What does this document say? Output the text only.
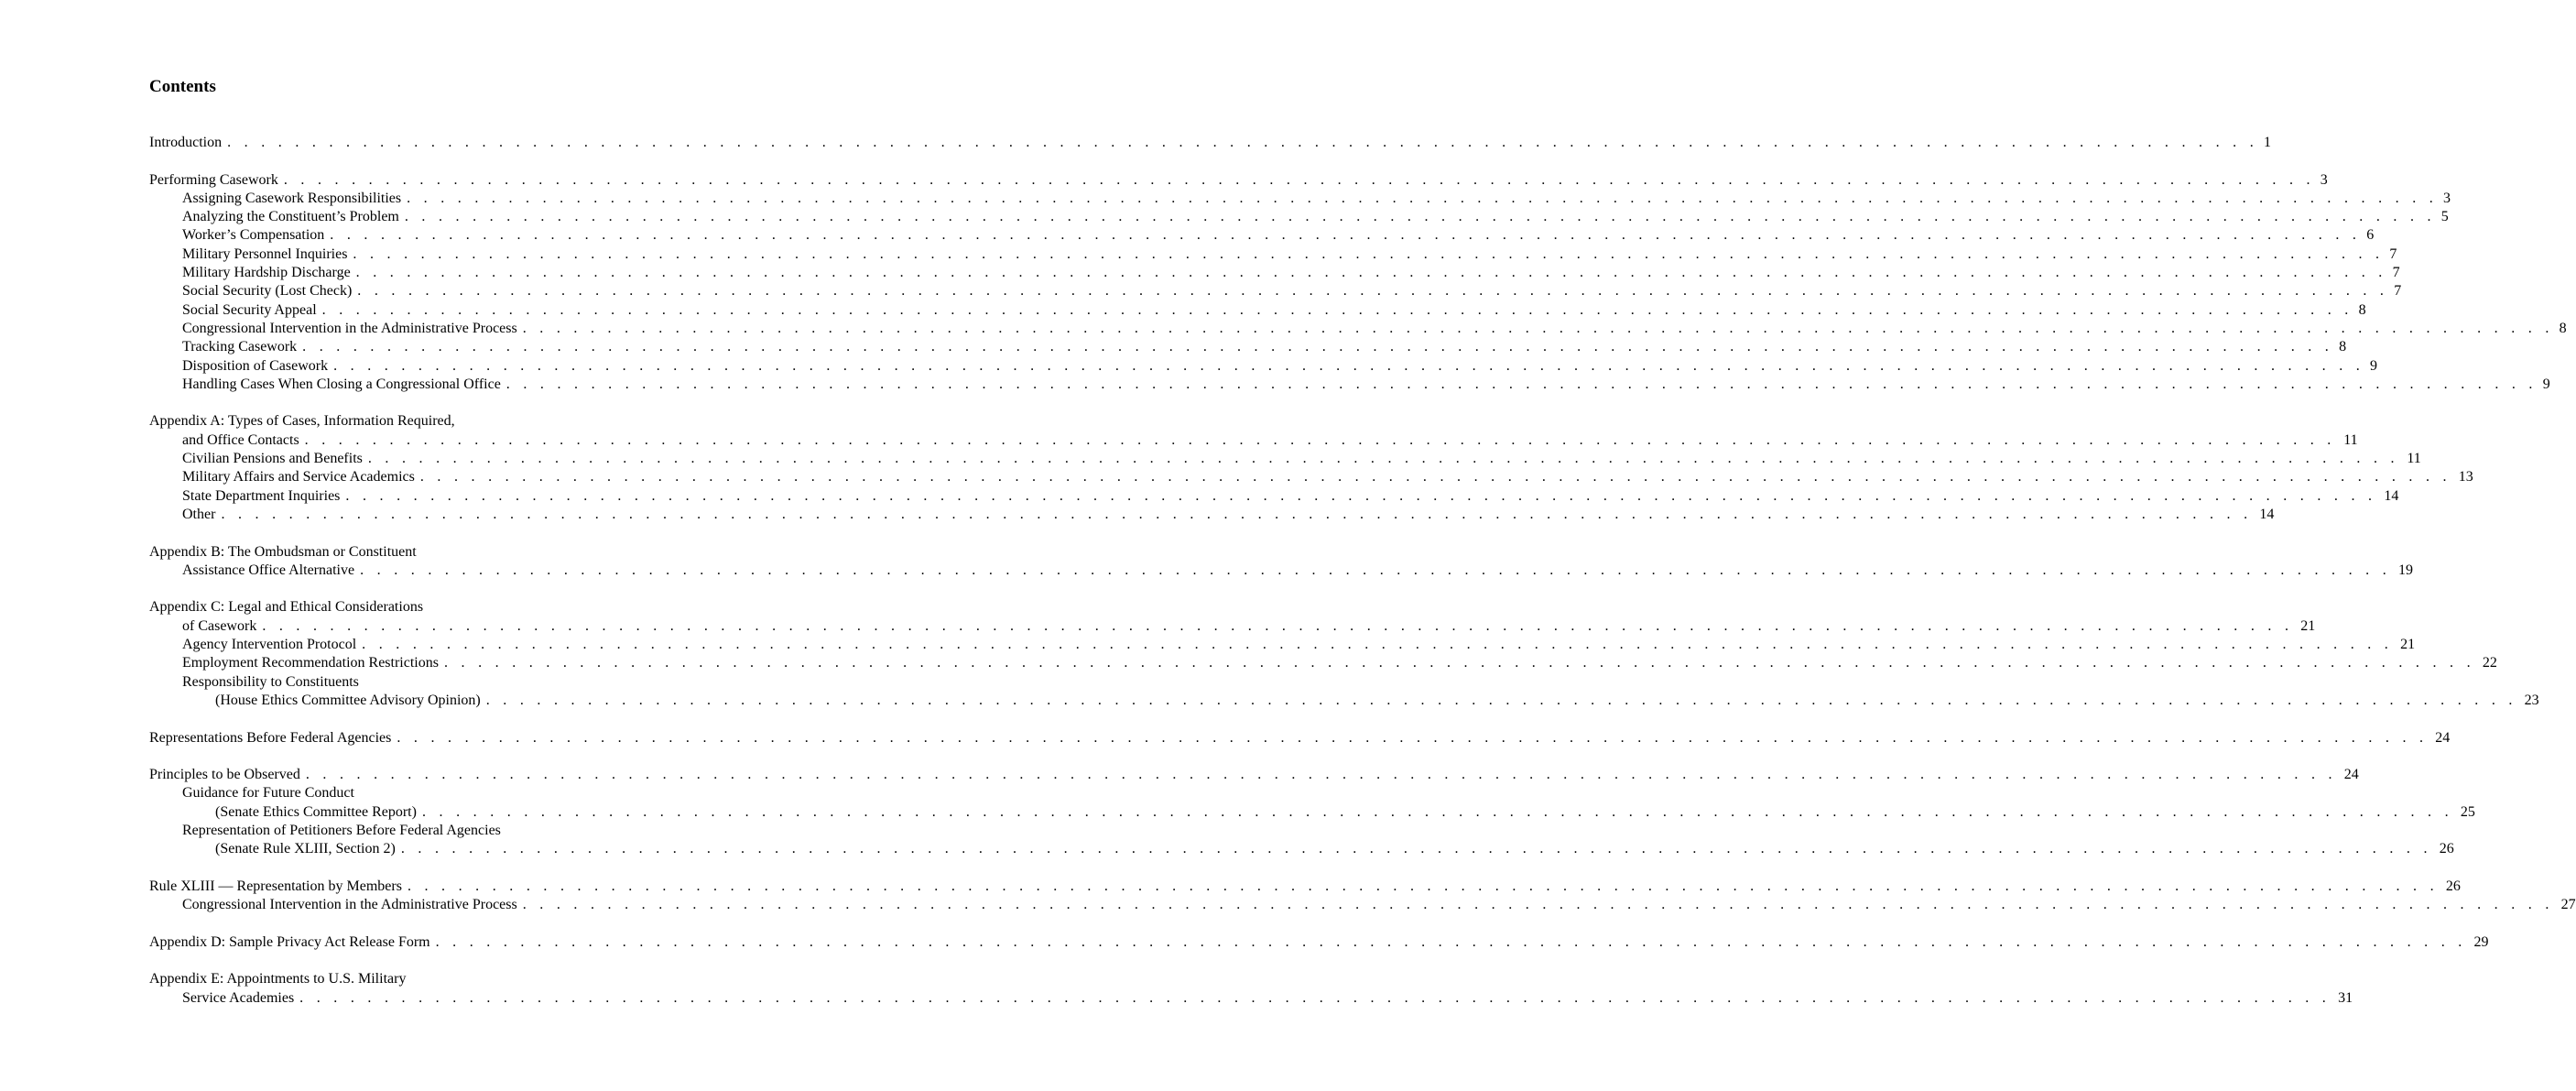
Contents
Introduction . . . . . . . . . . . . . . . . . . . . . . . . . . . . . . . . . . . . . . . . . . . . . . . . . . . . . . . . . . . . . . . . . . . . . . . . . . . . . . . . . . . . . . . . . . . . . . . . . . . . . . . . . . . . . . . . . . . . . . . . 1
Performing Casework . . . . . . . . . . . . . . . . . . . . . . . . . . . . . . . . . . . . . . . . . . . . . . . . . . . . . . . . . . . . . . . . . . . . . . . . . . . . . . . . . . . . . . . . . . . . . . . . . . . . . . . . . . . . . . . . . . . . . . . . 3
Assigning Casework Responsibilities . . . . . . . . . . . . . . . . . . . . . . . . . . . . . . . . . . . . . . . . . . . . . . . . . . . . . . . . . . . . . . . . . . . . . . . . . . . . . . . . . . . . . . . . . . . . . . . . . . . . . . . . . . . . . . . . . . . . . . . . 3
Analyzing the Constituent’s Problem . . . . . . . . . . . . . . . . . . . . . . . . . . . . . . . . . . . . . . . . . . . . . . . . . . . . . . . . . . . . . . . . . . . . . . . . . . . . . . . . . . . . . . . . . . . . . . . . . . . . . . . . . . . . . . . . . . . . . . . . 5
Worker’s Compensation . . . . . . . . . . . . . . . . . . . . . . . . . . . . . . . . . . . . . . . . . . . . . . . . . . . . . . . . . . . . . . . . . . . . . . . . . . . . . . . . . . . . . . . . . . . . . . . . . . . . . . . . . . . . . . . . . . . . . . . . 6
Military Personnel Inquiries . . . . . . . . . . . . . . . . . . . . . . . . . . . . . . . . . . . . . . . . . . . . . . . . . . . . . . . . . . . . . . . . . . . . . . . . . . . . . . . . . . . . . . . . . . . . . . . . . . . . . . . . . . . . . . . . . . . . . . . . 7
Military Hardship Discharge . . . . . . . . . . . . . . . . . . . . . . . . . . . . . . . . . . . . . . . . . . . . . . . . . . . . . . . . . . . . . . . . . . . . . . . . . . . . . . . . . . . . . . . . . . . . . . . . . . . . . . . . . . . . . . . . . . . . . . . . 7
Social Security (Lost Check) . . . . . . . . . . . . . . . . . . . . . . . . . . . . . . . . . . . . . . . . . . . . . . . . . . . . . . . . . . . . . . . . . . . . . . . . . . . . . . . . . . . . . . . . . . . . . . . . . . . . . . . . . . . . . . . . . . . . . . . . 7
Social Security Appeal . . . . . . . . . . . . . . . . . . . . . . . . . . . . . . . . . . . . . . . . . . . . . . . . . . . . . . . . . . . . . . . . . . . . . . . . . . . . . . . . . . . . . . . . . . . . . . . . . . . . . . . . . . . . . . . . . . . . . . . . 8
Congressional Intervention in the Administrative Process . . . . . . . . . . . . . . . . . . . . . . . . . . . . . . . . . . . . . . . . . . . . . . . . . . . . . . . . . . . . . . . . . . . . . . . . . . . . . . . . . . . . . . . . . . . . . . . . . . . . . . . . . . . . . . . . . . . . . . . . 8
Tracking Casework . . . . . . . . . . . . . . . . . . . . . . . . . . . . . . . . . . . . . . . . . . . . . . . . . . . . . . . . . . . . . . . . . . . . . . . . . . . . . . . . . . . . . . . . . . . . . . . . . . . . . . . . . . . . . . . . . . . . . . . . 8
Disposition of Casework . . . . . . . . . . . . . . . . . . . . . . . . . . . . . . . . . . . . . . . . . . . . . . . . . . . . . . . . . . . . . . . . . . . . . . . . . . . . . . . . . . . . . . . . . . . . . . . . . . . . . . . . . . . . . . . . . . . . . . . . 9
Handling Cases When Closing a Congressional Office . . . . . . . . . . . . . . . . . . . . . . . . . . . . . . . . . . . . . . . . . . . . . . . . . . . . . . . . . . . . . . . . . . . . . . . . . . . . . . . . . . . . . . . . . . . . . . . . . . . . . . . . . . . . . . . . . . . . . . . . 9
Appendix A: Types of Cases, Information Required,
and Office Contacts . . . . . . . . . . . . . . . . . . . . . . . . . . . . . . . . . . . . . . . . . . . . . . . . . . . . . . . . . . . . . . . . . . . . . . . . . . . . . . . . . . . . . . . . . . . . . . . . . . . . . . . . . . . . . . . . . . . . . . . . 11
Civilian Pensions and Benefits . . . . . . . . . . . . . . . . . . . . . . . . . . . . . . . . . . . . . . . . . . . . . . . . . . . . . . . . . . . . . . . . . . . . . . . . . . . . . . . . . . . . . . . . . . . . . . . . . . . . . . . . . . . . . . . . . . . . . . . . 11
Military Affairs and Service Academics . . . . . . . . . . . . . . . . . . . . . . . . . . . . . . . . . . . . . . . . . . . . . . . . . . . . . . . . . . . . . . . . . . . . . . . . . . . . . . . . . . . . . . . . . . . . . . . . . . . . . . . . . . . . . . . . . . . . . . . . 13
State Department Inquiries . . . . . . . . . . . . . . . . . . . . . . . . . . . . . . . . . . . . . . . . . . . . . . . . . . . . . . . . . . . . . . . . . . . . . . . . . . . . . . . . . . . . . . . . . . . . . . . . . . . . . . . . . . . . . . . . . . . . . . . . 14
Other . . . . . . . . . . . . . . . . . . . . . . . . . . . . . . . . . . . . . . . . . . . . . . . . . . . . . . . . . . . . . . . . . . . . . . . . . . . . . . . . . . . . . . . . . . . . . . . . . . . . . . . . . . . . . . . . . . . . . . . . 14
Appendix B: The Ombudsman or Constituent
Assistance Office Alternative . . . . . . . . . . . . . . . . . . . . . . . . . . . . . . . . . . . . . . . . . . . . . . . . . . . . . . . . . . . . . . . . . . . . . . . . . . . . . . . . . . . . . . . . . . . . . . . . . . . . . . . . . . . . . . . . . . . . . . . . 19
Appendix C: Legal and Ethical Considerations
of Casework . . . . . . . . . . . . . . . . . . . . . . . . . . . . . . . . . . . . . . . . . . . . . . . . . . . . . . . . . . . . . . . . . . . . . . . . . . . . . . . . . . . . . . . . . . . . . . . . . . . . . . . . . . . . . . . . . . . . . . . . 21
Agency Intervention Protocol . . . . . . . . . . . . . . . . . . . . . . . . . . . . . . . . . . . . . . . . . . . . . . . . . . . . . . . . . . . . . . . . . . . . . . . . . . . . . . . . . . . . . . . . . . . . . . . . . . . . . . . . . . . . . . . . . . . . . . . . 21
Employment Recommendation Restrictions . . . . . . . . . . . . . . . . . . . . . . . . . . . . . . . . . . . . . . . . . . . . . . . . . . . . . . . . . . . . . . . . . . . . . . . . . . . . . . . . . . . . . . . . . . . . . . . . . . . . . . . . . . . . . . . . . . . . . . . . 22
Responsibility to Constituents
(House Ethics Committee Advisory Opinion) . . . . . . . . . . . . . . . . . . . . . . . . . . . . . . . . . . . . . . . . . . . . . . . . . . . . . . . . . . . . . . . . . . . . . . . . . . . . . . . . . . . . . . . . . . . . . . . . . . . . . . . . . . . . . . . . . . . . . . . . 23
Representations Before Federal Agencies . . . . . . . . . . . . . . . . . . . . . . . . . . . . . . . . . . . . . . . . . . . . . . . . . . . . . . . . . . . . . . . . . . . . . . . . . . . . . . . . . . . . . . . . . . . . . . . . . . . . . . . . . . . . . . . . . . . . . . . . 24
Principles to be Observed . . . . . . . . . . . . . . . . . . . . . . . . . . . . . . . . . . . . . . . . . . . . . . . . . . . . . . . . . . . . . . . . . . . . . . . . . . . . . . . . . . . . . . . . . . . . . . . . . . . . . . . . . . . . . . . . . . . . . . . . 24
Guidance for Future Conduct
(Senate Ethics Committee Report) . . . . . . . . . . . . . . . . . . . . . . . . . . . . . . . . . . . . . . . . . . . . . . . . . . . . . . . . . . . . . . . . . . . . . . . . . . . . . . . . . . . . . . . . . . . . . . . . . . . . . . . . . . . . . . . . . . . . . . . . 25
Representation of Petitioners Before Federal Agencies
(Senate Rule XLIII, Section 2) . . . . . . . . . . . . . . . . . . . . . . . . . . . . . . . . . . . . . . . . . . . . . . . . . . . . . . . . . . . . . . . . . . . . . . . . . . . . . . . . . . . . . . . . . . . . . . . . . . . . . . . . . . . . . . . . . . . . . . . . 26
Rule XLIII — Representation by Members . . . . . . . . . . . . . . . . . . . . . . . . . . . . . . . . . . . . . . . . . . . . . . . . . . . . . . . . . . . . . . . . . . . . . . . . . . . . . . . . . . . . . . . . . . . . . . . . . . . . . . . . . . . . . . . . . . . . . . . . 26
Congressional Intervention in the Administrative Process . . . . . . . . . . . . . . . . . . . . . . . . . . . . . . . . . . . . . . . . . . . . . . . . . . . . . . . . . . . . . . . . . . . . . . . . . . . . . . . . . . . . . . . . . . . . . . . . . . . . . . . . . . . . . . . . . . . . . . . . 27
Appendix D: Sample Privacy Act Release Form . . . . . . . . . . . . . . . . . . . . . . . . . . . . . . . . . . . . . . . . . . . . . . . . . . . . . . . . . . . . . . . . . . . . . . . . . . . . . . . . . . . . . . . . . . . . . . . . . . . . . . . . . . . . . . . . . . . . . . . . 29
Appendix E: Appointments to U.S. Military
Service Academies . . . . . . . . . . . . . . . . . . . . . . . . . . . . . . . . . . . . . . . . . . . . . . . . . . . . . . . . . . . . . . . . . . . . . . . . . . . . . . . . . . . . . . . . . . . . . . . . . . . . . . . . . . . . . . . . . . . . . . . . 31
